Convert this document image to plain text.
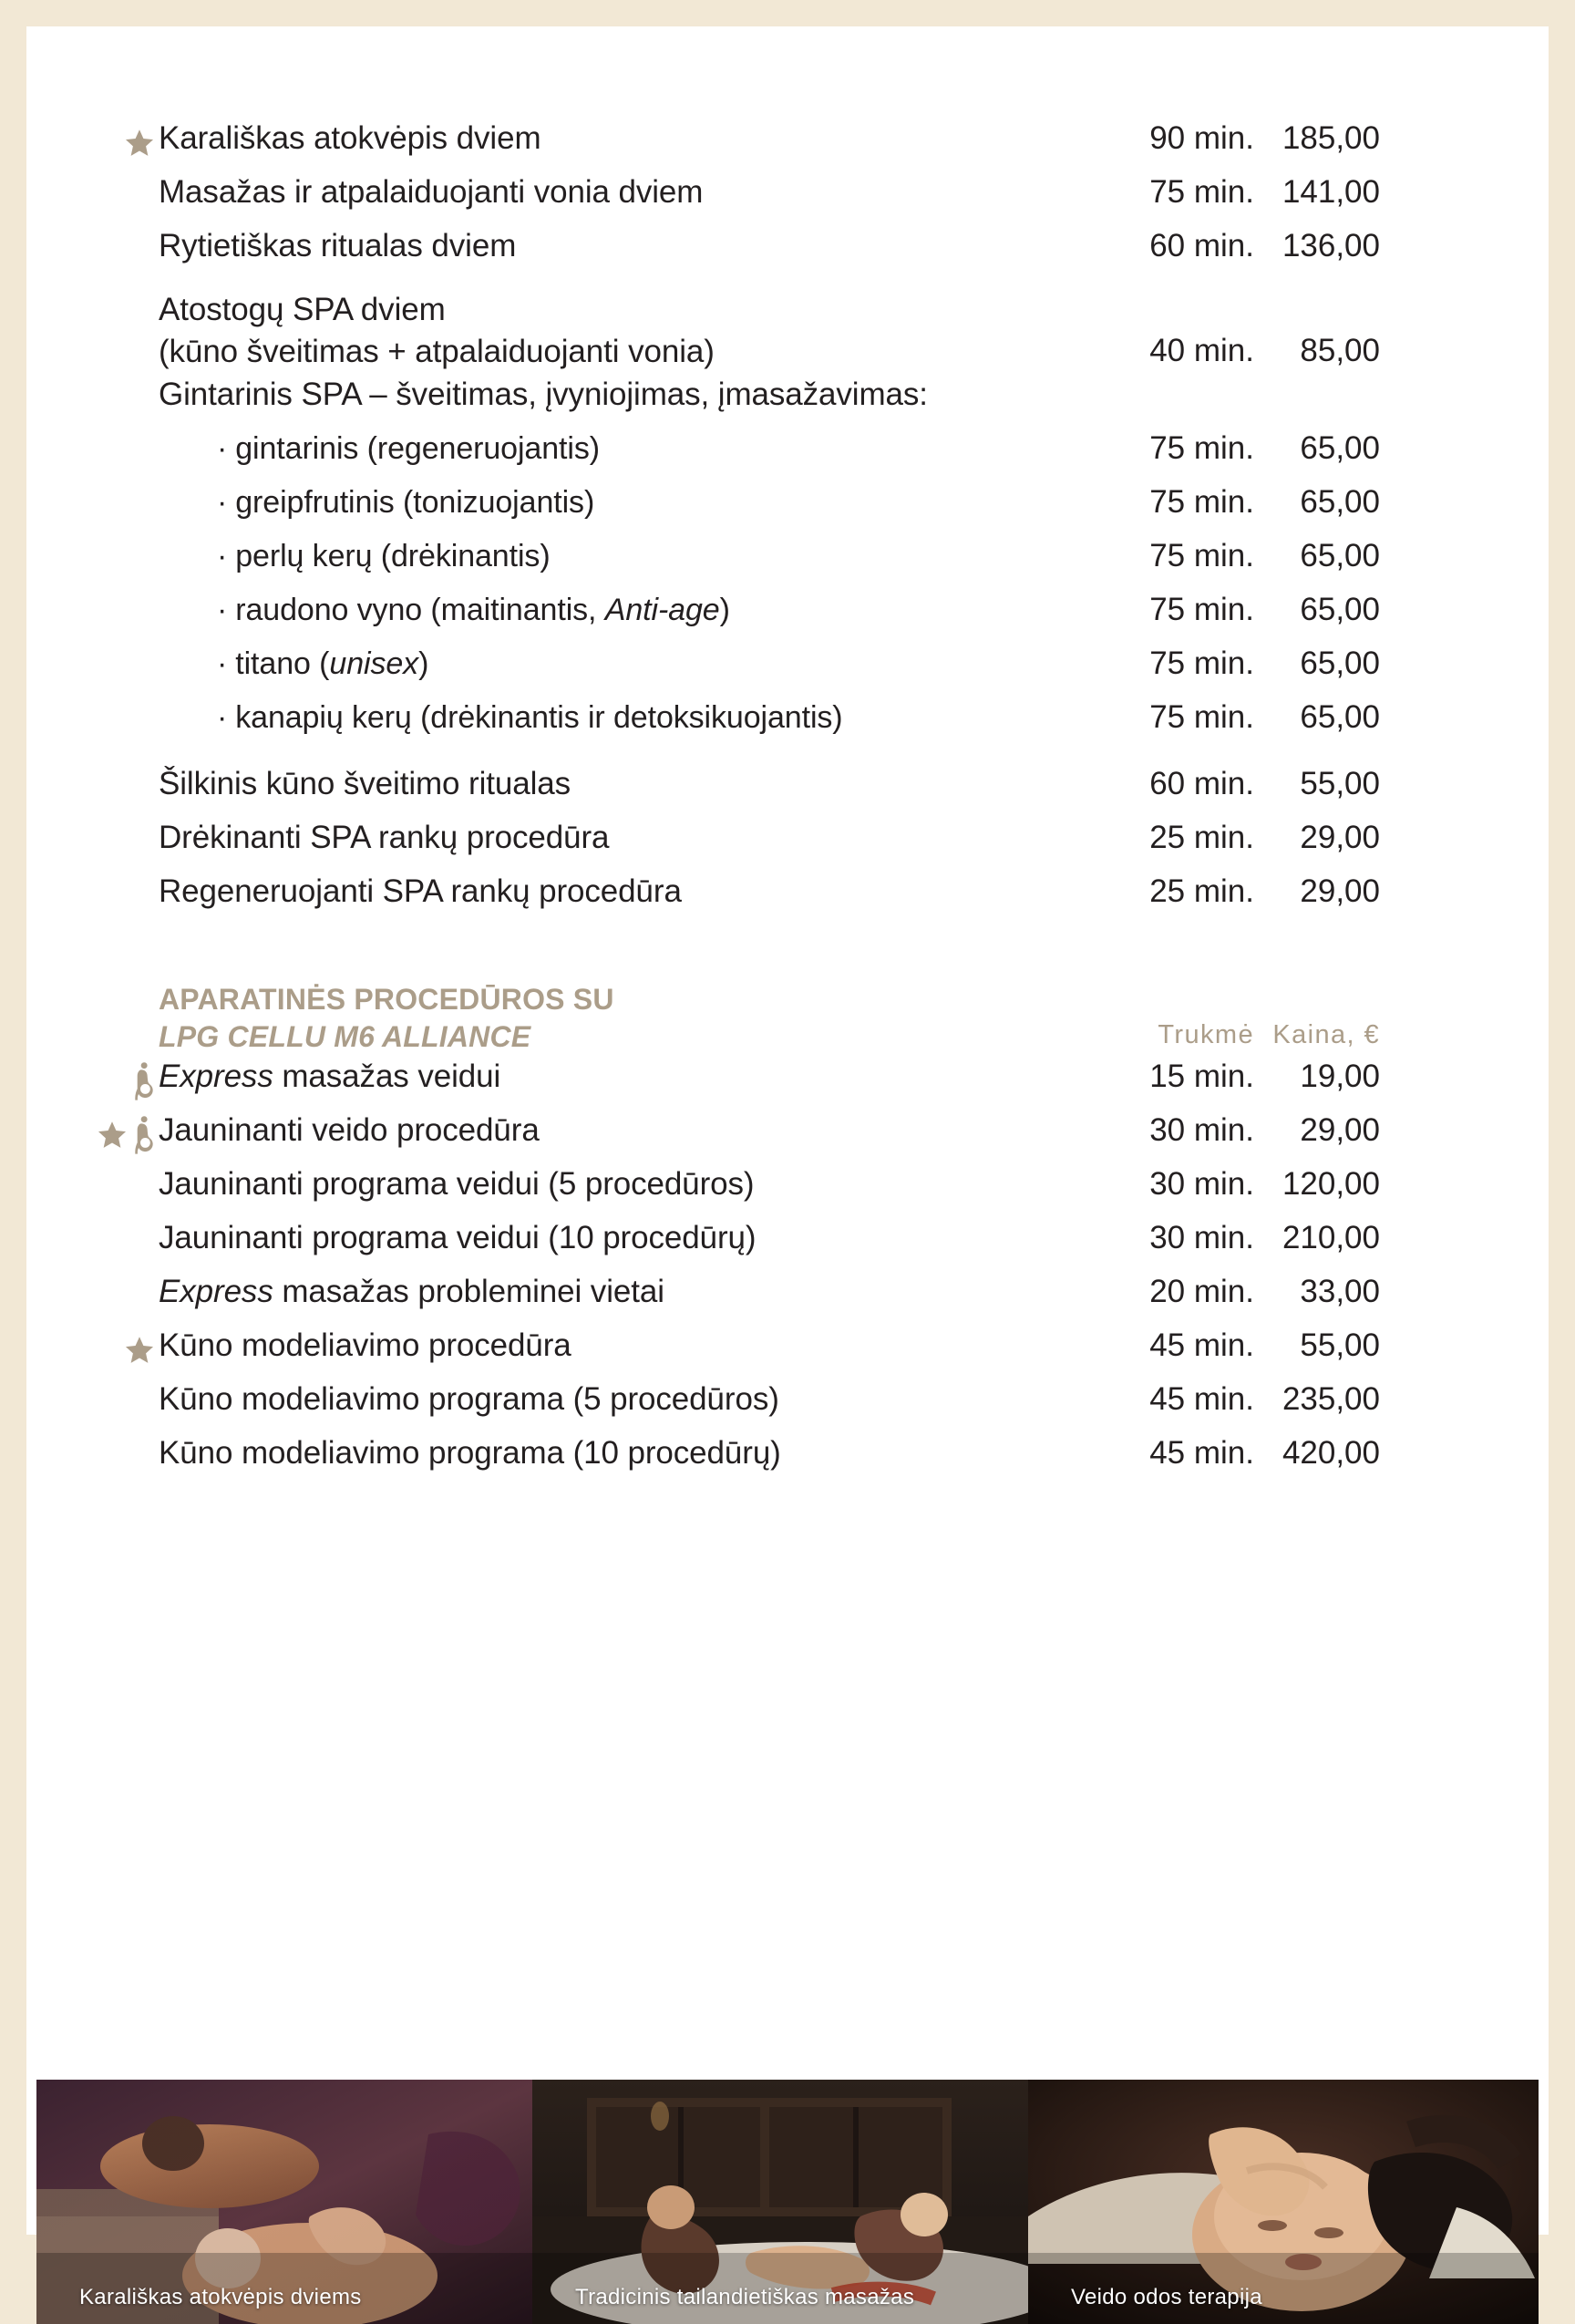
Karališkas atokvėpis dviem	90 min. 185,00
Masažas ir atpalaiduojanti vonia dviem	75 min. 141,00
Rytietiškas ritualas dviem	60 min. 136,00
Atostogų SPA dviem
(kūno šveitimas + atpalaiduojanti vonia)	40 min.	85,00
Gintarinis SPA – šveitimas, įvyniojimas, įmasažavimas:
· gintarinis (regeneruojantis)	75 min.	65,00
· greipfrutinis (tonizuojantis)	75 min.	65,00
· perlų kerų (drėkinantis)	75 min.	65,00
· raudono vyno (maitinantis, Anti-age)	75 min.	65,00
· titano (unisex)	75 min.	65,00
· kanapių kerų (drėkinantis ir detoksikuojantis)	75 min.	65,00
Šilkinis kūno šveitimo ritualas	60 min.	55,00
Drėkinanti SPA rankų procedūra	25 min.	29,00
Regeneruojanti SPA rankų procedūra	25 min.	29,00
APARATINĖS PROCEDŪROS SU
LPG CELLU M6 ALLIANCE	Trukmė Kaina, €
Express masažas veidui	15 min.	19,00
Jauninanti veido procedūra	30 min.	29,00
Jauninanti programa veidui (5 procedūros)	30 min. 120,00
Jauninanti programa veidui (10 procedūrų)	30 min. 210,00
Express masažas probleminei vietai	20 min.	33,00
Kūno modeliavimo procedūra	45 min.	55,00
Kūno modeliavimo programa (5 procedūros)	45 min. 235,00
Kūno modeliavimo programa (10 procedūrų)	45 min. 420,00
Karališkas atokvėpis dviems	Tradicinis tailandietiškas masažas	Veido odos terapija
